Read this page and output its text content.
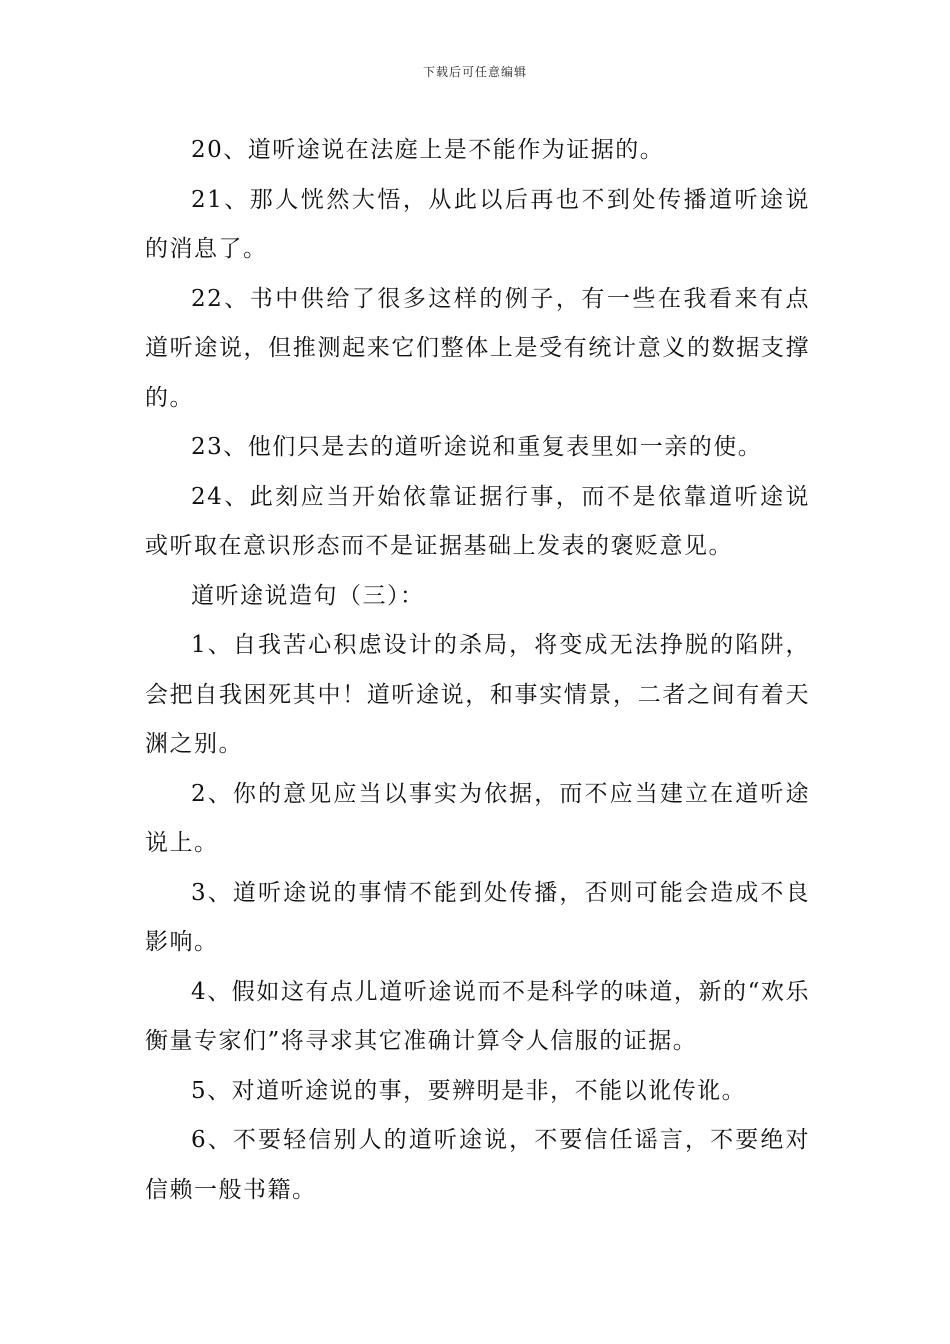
下载后可任意编辑

20、道听途说在法庭上是不能作为证据的。

21、那人恍然大悟，从此以后再也不到处传播道听途说的消息了。

22、书中供给了很多这样的例子，有一些在我看来有点道听途说，但推测起来它们整体上是受有统计意义的数据支撑的。

23、他们只是去的道听途说和重复表里如一亲的使。

24、此刻应当开始依靠证据行事，而不是依靠道听途说或听取在意识形态而不是证据基础上发表的褒贬意见。

道听途说造句（三）：

1、自我苦心积虑设计的杀局，将变成无法挣脱的陷阱，会把自我困死其中！道听途说，和事实情景，二者之间有着天渊之别。

2、你的意见应当以事实为依据，而不应当建立在道听途说上。

3、道听途说的事情不能到处传播，否则可能会造成不良影响。

4、假如这有点儿道听途说而不是科学的味道，新的“欢乐衡量专家们”将寻求其它准确计算令人信服的证据。

5、对道听途说的事，要辨明是非，不能以讹传讹。

6、不要轻信别人的道听途说，不要信任谣言，不要绝对信赖一般书籍。
